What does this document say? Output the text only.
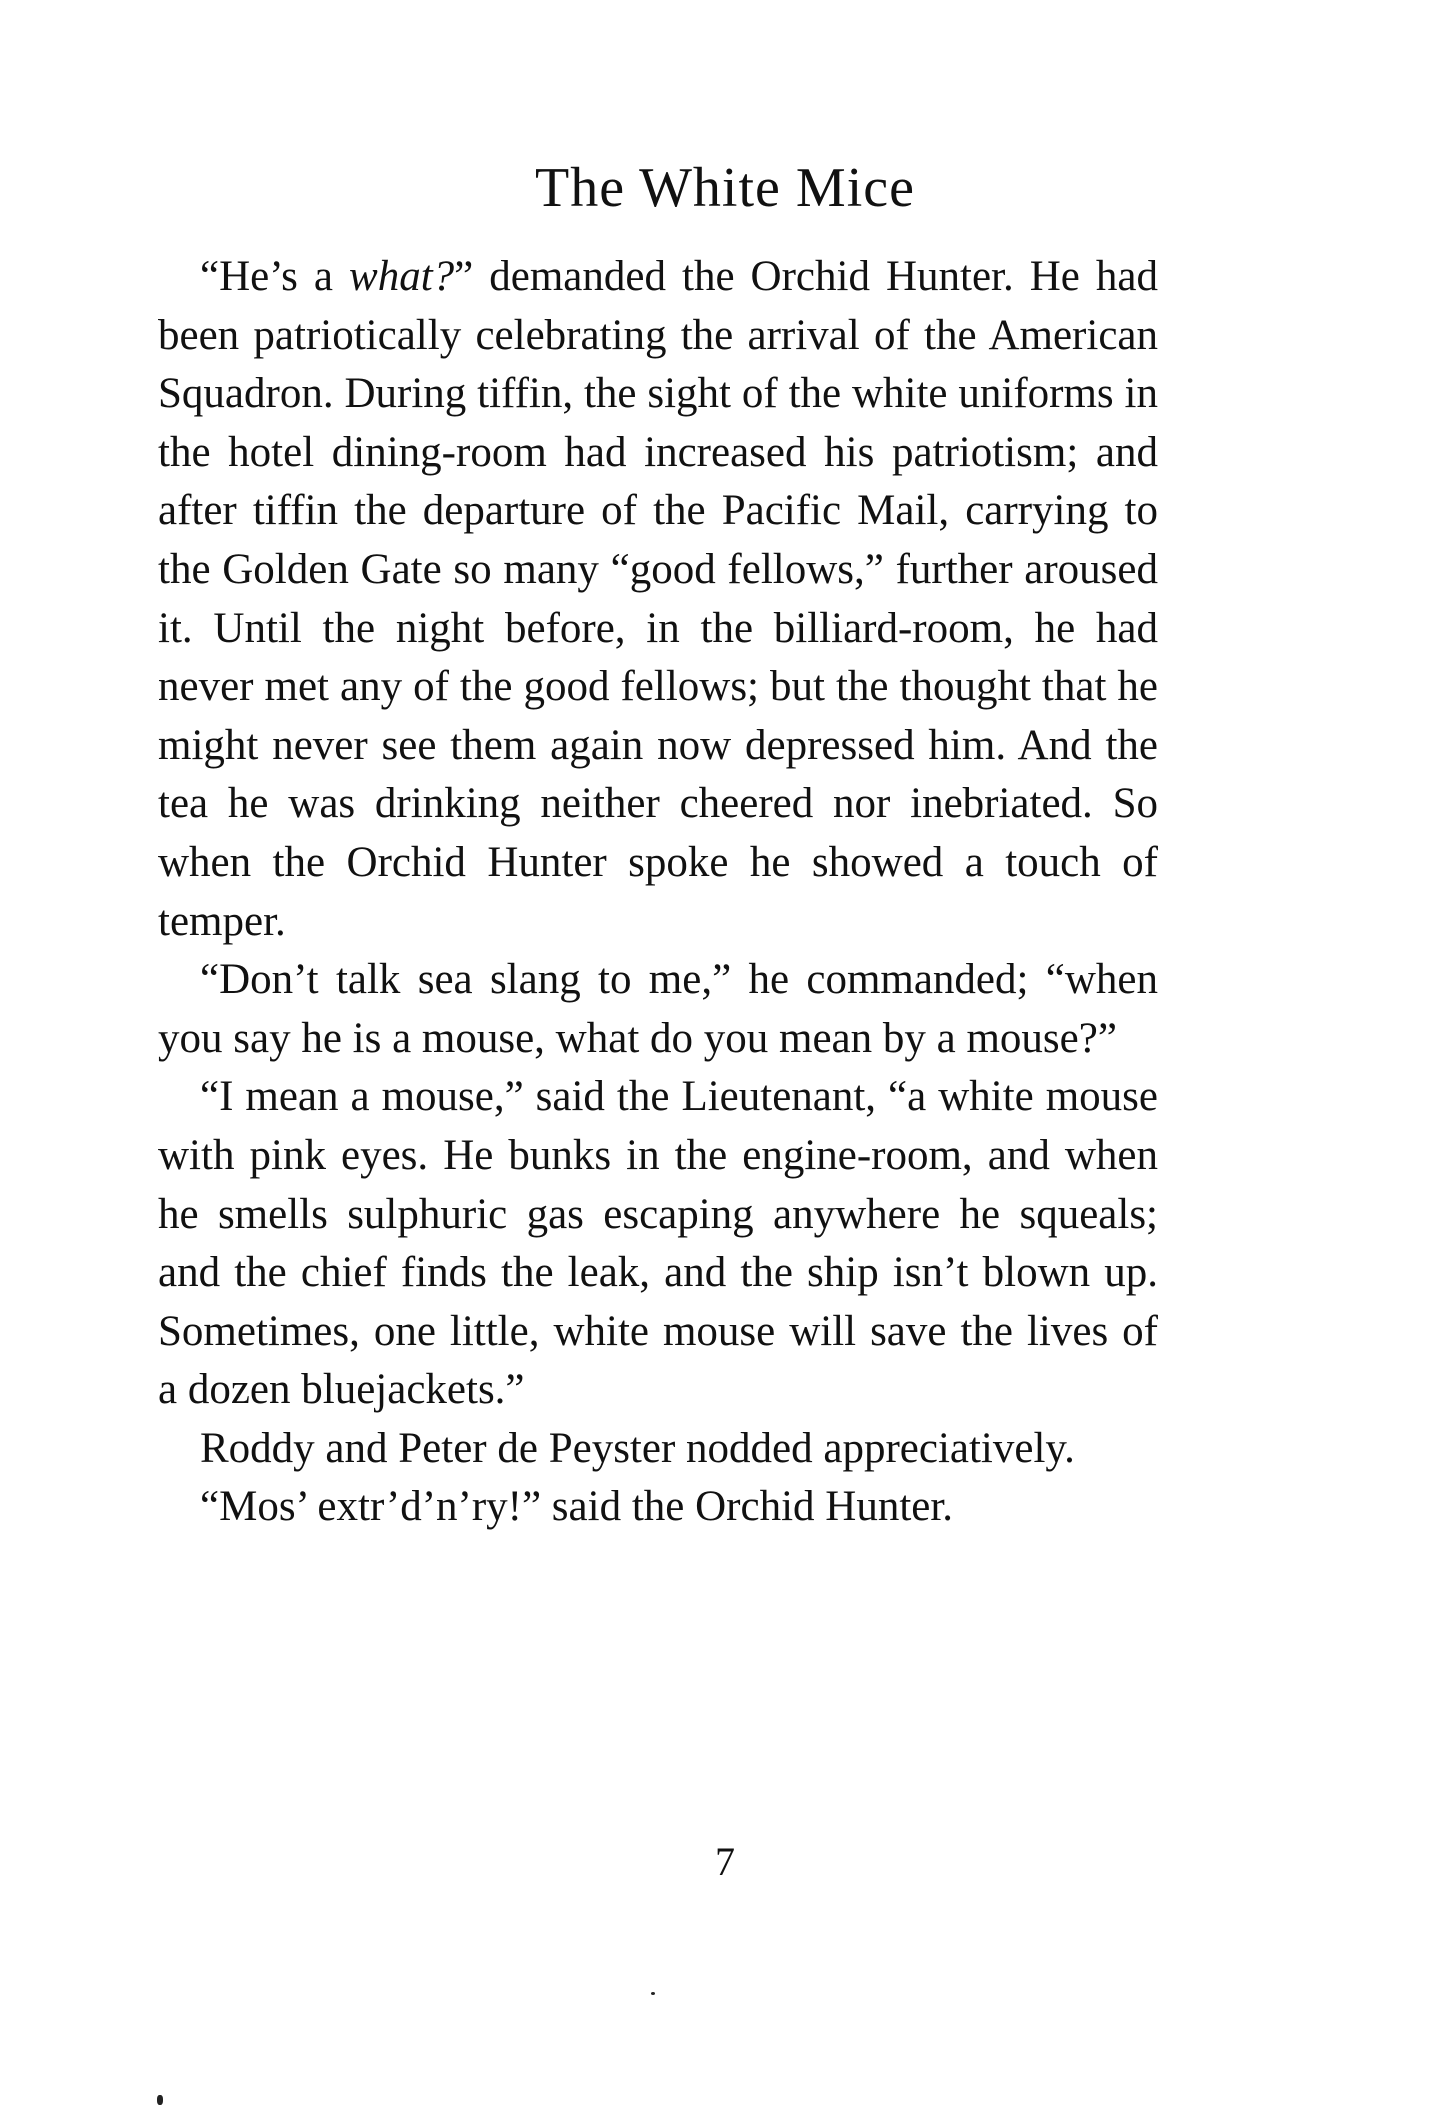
The White Mice

“He’s a what?” demanded the Orchid Hunter. He had been patriotically celebrating the arrival of the American Squadron. During tiffin, the sight of the white uniforms in the hotel dining-room had increased his patriotism; and after tiffin the departure of the Pacific Mail, carrying to the Golden Gate so many “good fellows,” further aroused it. Until the night before, in the billiard-room, he had never met any of the good fellows; but the thought that he might never see them again now depressed him. And the tea he was drinking neither cheered nor inebriated. So when the Orchid Hunter spoke he showed a touch of temper.

“Don’t talk sea slang to me,” he commanded; “when you say he is a mouse, what do you mean by a mouse?”

“I mean a mouse,” said the Lieutenant, “a white mouse with pink eyes. He bunks in the engine-room, and when he smells sulphuric gas escaping anywhere he squeals; and the chief finds the leak, and the ship isn’t blown up. Sometimes, one little, white mouse will save the lives of a dozen bluejackets.”

Roddy and Peter de Peyster nodded appreciatively.

“Mos’ extr’d’n’ry!” said the Orchid Hunter.

7
